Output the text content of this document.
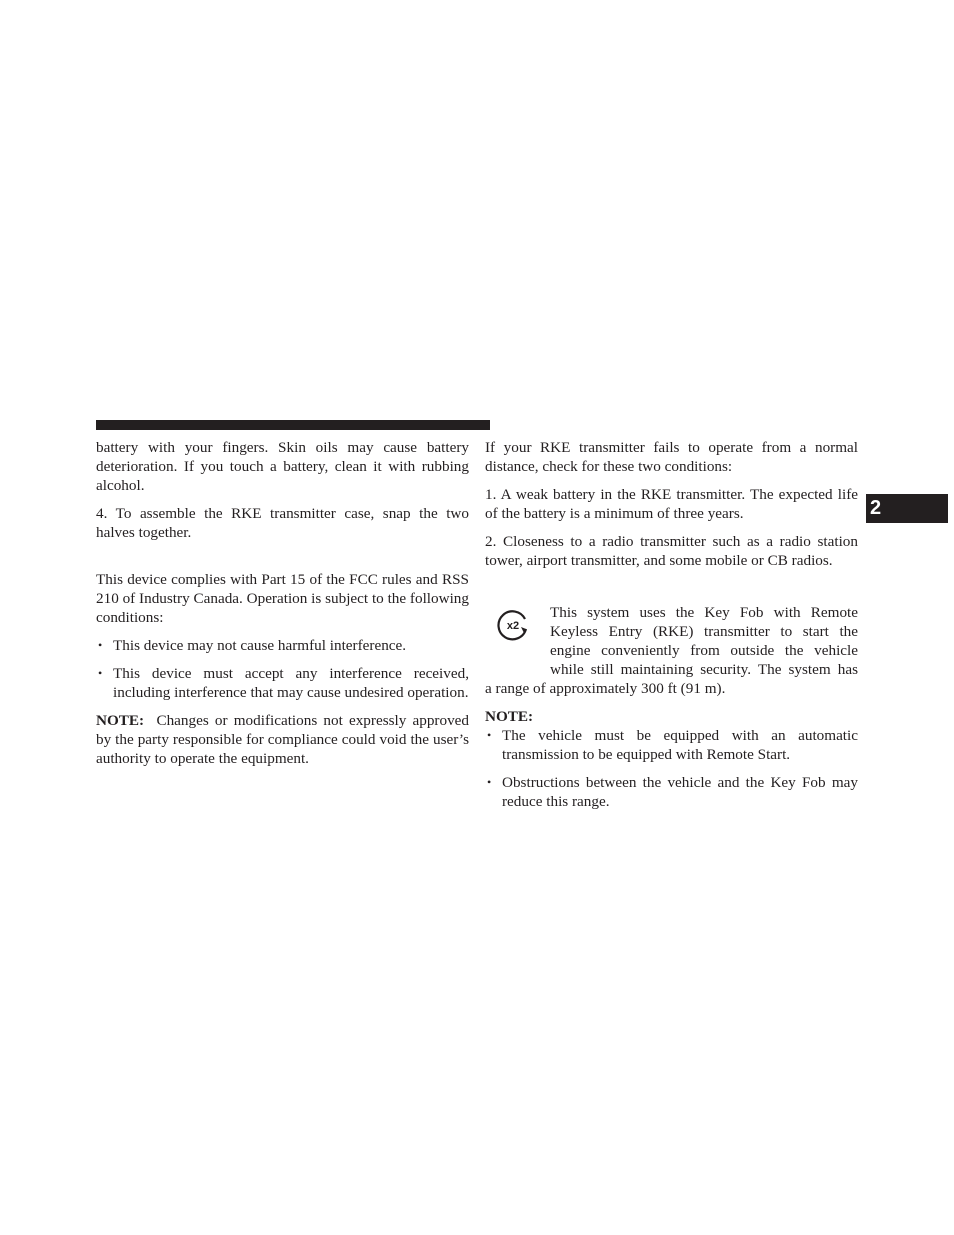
battery with your fingers. Skin oils may cause battery deterioration. If you touch a battery, clean it with rubbing alcohol.

4. To assemble the RKE transmitter case, snap the two halves together.

This device complies with Part 15 of the FCC rules and RSS 210 of Industry Canada. Operation is subject to the following conditions:

• This device may not cause harmful interference.
• This device must accept any interference received, including interference that may cause undesired operation.

NOTE: Changes or modifications not expressly approved by the party responsible for compliance could void the user’s authority to operate the equipment.

If your RKE transmitter fails to operate from a normal distance, check for these two conditions:

1. A weak battery in the RKE transmitter. The expected life of the battery is a minimum of three years.

2. Closeness to a radio transmitter such as a radio station tower, airport transmitter, and some mobile or CB radios.

x2

This system uses the Key Fob with Remote

Keyless Entry (RKE) transmitter to start the

engine conveniently from outside the vehicle

while still maintaining security. The system has

a range of approximately 300 ft (91 m).

NOTE:

• The vehicle must be equipped with an automatic transmission to be equipped with Remote Start.
• Obstructions between the vehicle and the Key Fob may reduce this range.
2
